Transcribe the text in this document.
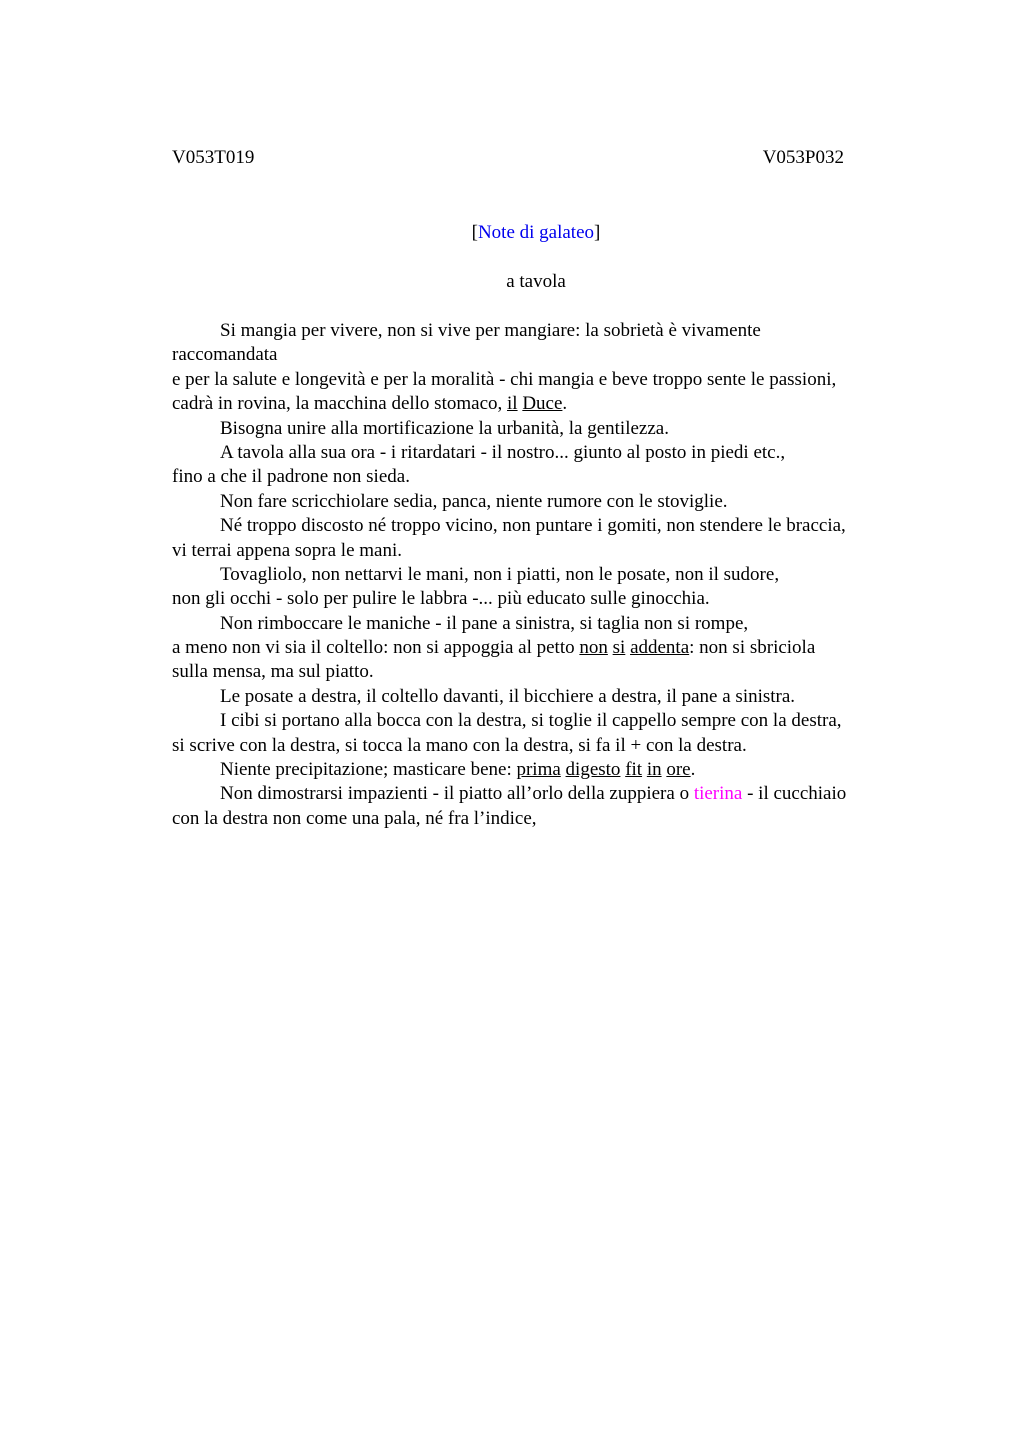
V053T019	V053P032
[Note di galateo]
a tavola
Si mangia per vivere, non si vive per mangiare: la sobrietà è vivamente
raccomandata
e per la salute e longevità e per la moralità - chi mangia e beve troppo sente le passioni,
cadrà in rovina, la macchina dello stomaco, il Duce.
Bisogna unire alla mortificazione la urbanità, la gentilezza.
A tavola alla sua ora - i ritardatari - il nostro... giunto al posto in piedi etc.,
fino a che il padrone non sieda.
Non fare scricchiolare sedia, panca, niente rumore con le stoviglie.
Né troppo discosto né troppo vicino, non puntare i gomiti, non stendere le braccia,
vi terrai appena sopra le mani.
Tovagliolo, non nettarvi le mani, non i piatti, non le posate, non il sudore,
non gli occhi - solo per pulire le labbra -... più educato sulle ginocchia.
Non rimboccare le maniche - il pane a sinistra, si taglia non si rompe,
a meno non vi sia il coltello: non si appoggia al petto non si addenta: non si sbriciola
sulla mensa, ma sul piatto.
Le posate a destra, il coltello davanti, il bicchiere a destra, il pane a sinistra.
I cibi si portano alla bocca con la destra, si toglie il cappello sempre con la destra,
si scrive con la destra, si tocca la mano con la destra, si fa il + con la destra.
Niente precipitazione; masticare bene: prima digesto fit in ore.
Non dimostrarsi impazienti - il piatto all’orlo della zuppiera o tierina - il cucchiaio
con la destra non come una pala, né fra l’indice,
